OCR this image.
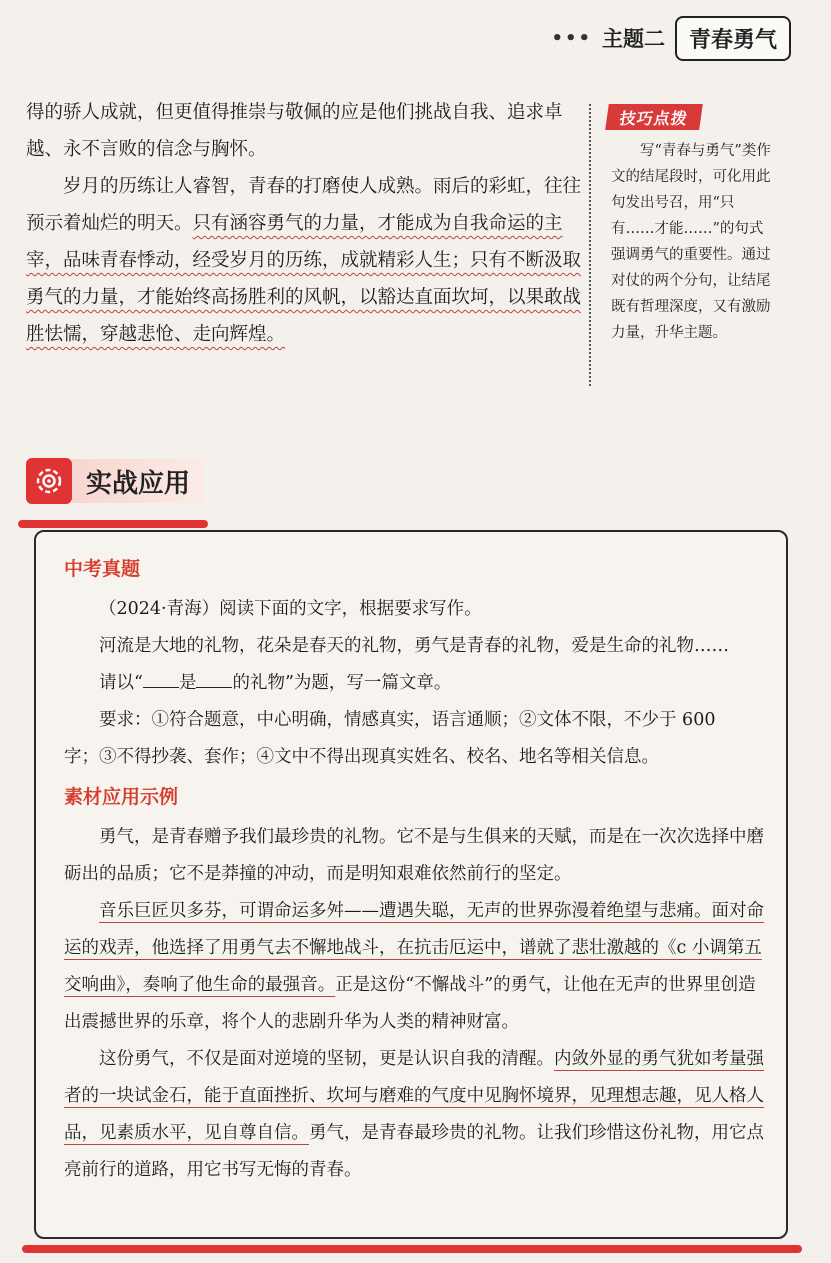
••• 主题二	青春勇气

得的骄人成就，但更值得推崇与敬佩的应是他们挑战自我、追求卓

越、永不言败的信念与胸怀。

岁月的历练让人睿智，青春的打磨使人成熟。雨后的彩虹，往往预示着灿烂的明天。只有涵容勇气的力量，才能成为自我命运的主宰，品味青春悸动，经受岁月的历练，成就精彩人生；只有不断汲取勇气的力量，才能始终高扬胜利的风帆，以豁达直面坎坷，以果敢战胜怯懦，穿越悲怆、走向辉煌。

技巧点拨
写“青春与勇气”类作文的结尾段时，可化用此句发出号召，用“只有……才能……”的句式强调勇气的重要性。通过对仗的两个分句，让结尾既有哲理深度，又有激励力量，升华主题。
实战应用
中考真题

（2024·青海）阅读下面的文字，根据要求写作。

河流是大地的礼物，花朵是春天的礼物，勇气是青春的礼物，爱是生命的礼物……

请以“ 是 的礼物”为题，写一篇文章。

要求：①符合题意，中心明确，情感真实，语言通顺；②文体不限，不少于 600

字；③不得抄袭、套作；④文中不得出现真实姓名、校名、地名等相关信息。

素材应用示例

勇气，是青春赠予我们最珍贵的礼物。它不是与生俱来的天赋，而是在一次次选择中磨砺出的品质；它不是莽撞的冲动，而是明知艰难依然前行的坚定。

音乐巨匠贝多芬，可谓命运多舛——遭遇失聪，无声的世界弥漫着绝望与悲痛。面对命运的戏弄，他选择了用勇气去不懈地战斗，在抗击厄运中，谱就了悲壮激越的《c 小调第五交响曲》，奏响了他生命的最强音。正是这份“不懈战斗”的勇气，让他在无声的世界里创造出震撼世界的乐章，将个人的悲剧升华为人类的精神财富。

这份勇气，不仅是面对逆境的坚韧，更是认识自我的清醒。内敛外显的勇气犹如考量强者的一块试金石，能于直面挫折、坎坷与磨难的气度中见胸怀境界，见理想志趣，见人格人品，见素质水平，见自尊自信。勇气，是青春最珍贵的礼物。让我们珍惜这份礼物，用它点亮前行的道路，用它书写无悔的青春。
